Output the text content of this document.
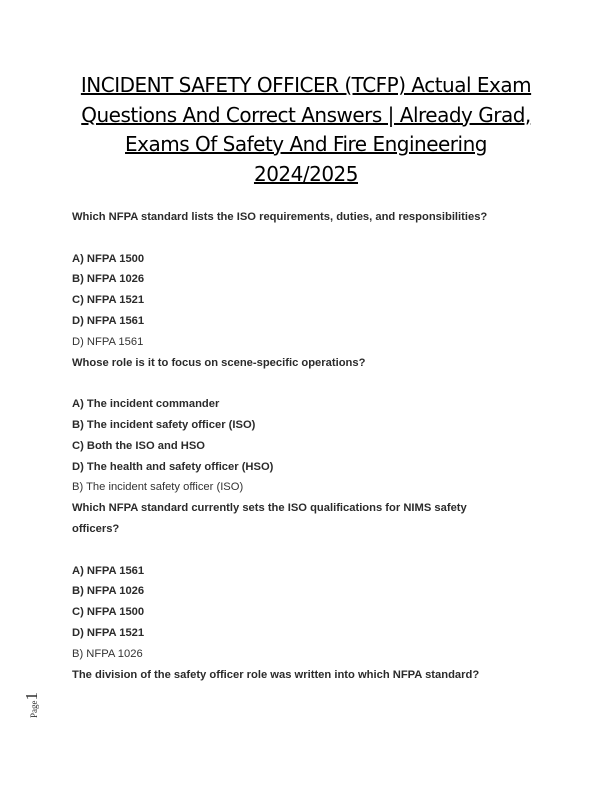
INCIDENT SAFETY OFFICER (TCFP) Actual Exam
Questions And Correct Answers | Already Grad,
Exams Of Safety And Fire Engineering
2024/2025
Which NFPA standard lists the ISO requirements, duties, and responsibilities?
A) NFPA 1500
B) NFPA 1026
C) NFPA 1521
D) NFPA 1561
D) NFPA 1561
Whose role is it to focus on scene-specific operations?
A) The incident commander
B) The incident safety officer (ISO)
C) Both the ISO and HSO
D) The health and safety officer (HSO)
B) The incident safety officer (ISO)
Which NFPA standard currently sets the ISO qualifications for NIMS safety
officers?
A) NFPA 1561
B) NFPA 1026
C) NFPA 1500
D) NFPA 1521
B) NFPA 1026
The division of the safety officer role was written into which NFPA standard?
Page
1
